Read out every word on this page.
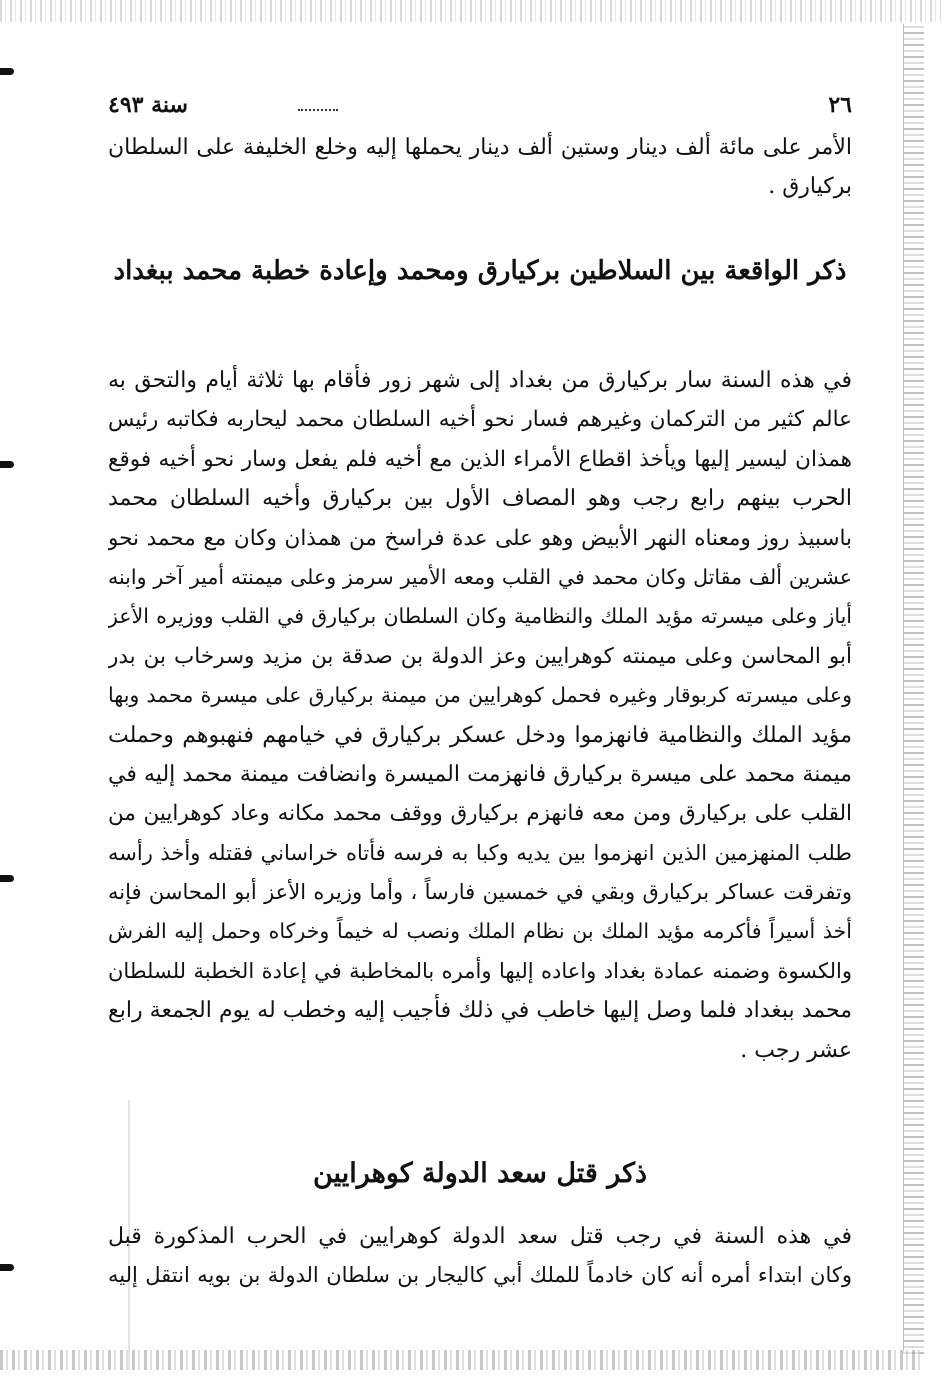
٢٦
سنة ٤٩٣
الأمر على مائة ألف دينار وستين ألف دينار يحملها إليه وخلع الخليفة على السلطان
بركيارق .
ذكر الواقعة بين السلاطين بركيارق ومحمد وإعادة خطبة محمد ببغداد
في هذه السنة سار بركيارق من بغداد إلى شهر زور فأقام بها ثلاثة أيام والتحق به
عالم كثير من التركمان وغيرهم فسار نحو أخيه السلطان محمد ليحاربه فكاتبه رئيس
همذان ليسير إليها ويأخذ اقطاع الأمراء الذين مع أخيه فلم يفعل وسار نحو أخيه فوقع
الحرب بينهم رابع رجب وهو المصاف الأول بين بركيارق وأخيه السلطان محمد
باسبيذ روز ومعناه النهر الأبيض وهو على عدة فراسخ من همذان وكان مع محمد نحو
عشرين ألف مقاتل وكان محمد في القلب ومعه الأمير سرمز وعلى ميمنته أمير آخر وابنه
أياز وعلى ميسرته مؤيد الملك والنظامية وكان السلطان بركيارق في القلب ووزيره الأعز
أبو المحاسن وعلى ميمنته كوهرايين وعز الدولة بن صدقة بن مزيد وسرخاب بن بدر
وعلى ميسرته كربوقار وغيره فحمل كوهرايين من ميمنة بركيارق على ميسرة محمد وبها
مؤيد الملك والنظامية فانهزموا ودخل عسكر بركيارق في خيامهم فنهبوهم وحملت
ميمنة محمد على ميسرة بركيارق فانهزمت الميسرة وانضافت ميمنة محمد إليه في
القلب على بركيارق ومن معه فانهزم بركيارق ووقف محمد مكانه وعاد كوهرايين من
طلب المنهزمين الذين انهزموا بين يديه وكبا به فرسه فأتاه خراساني فقتله وأخذ رأسه
وتفرقت عساكر بركيارق وبقي في خمسين فارساً ، وأما وزيره الأعز أبو المحاسن فإنه
أخذ أسيراً فأكرمه مؤيد الملك بن نظام الملك ونصب له خيماً وخركاه وحمل إليه الفرش
والكسوة وضمنه عمادة بغداد واعاده إليها وأمره بالمخاطبة في إعادة الخطبة للسلطان
محمد ببغداد فلما وصل إليها خاطب في ذلك فأجيب إليه وخطب له يوم الجمعة رابع
عشر رجب .
ذكر قتل سعد الدولة كوهرايين
في هذه السنة في رجب قتل سعد الدولة كوهرايين في الحرب المذكورة قبل
وكان ابتداء أمره أنه كان خادماً للملك أبي كاليجار بن سلطان الدولة بن بويه انتقل إليه
